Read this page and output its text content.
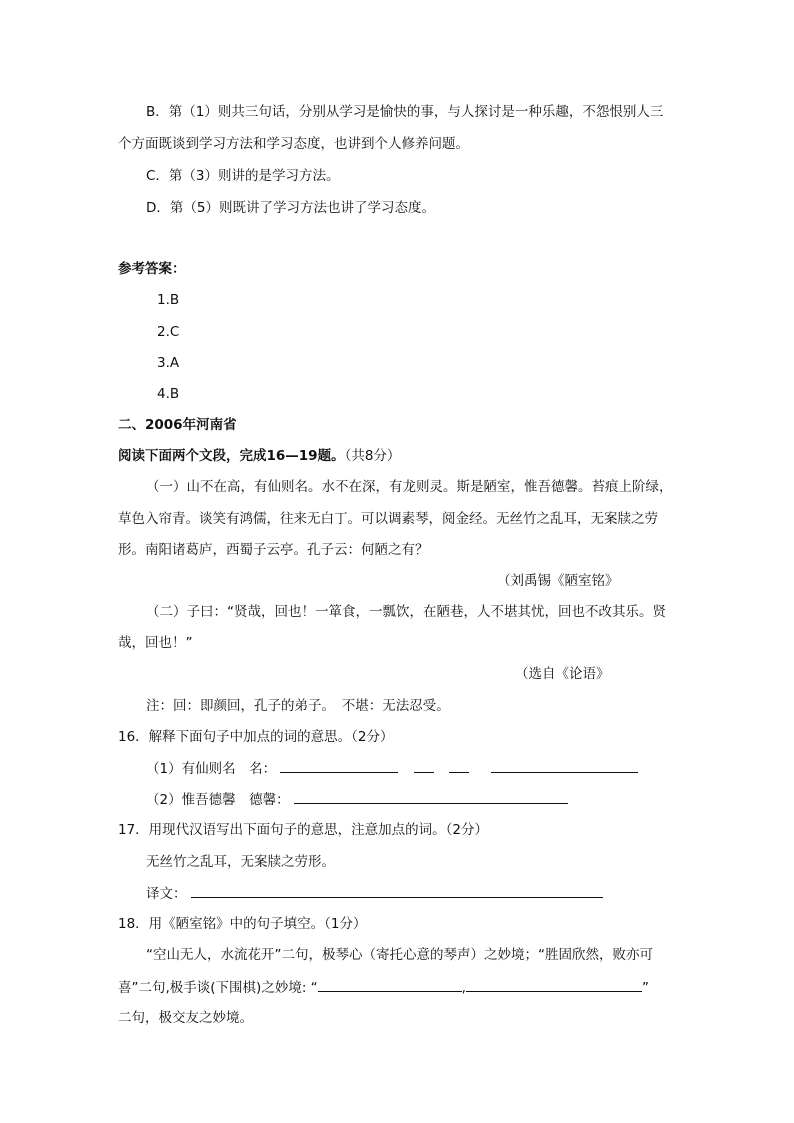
B．第（1）则共三句话，分别从学习是愉快的事，与人探讨是一种乐趣，不怨恨别人三
个方面既谈到学习方法和学习态度，也讲到个人修养问题。
C．第（3）则讲的是学习方法。
D．第（5）则既讲了学习方法也讲了学习态度。
参考答案：
1.B
2.C
3.A
4.B
二、2006年河南省
阅读下面两个文段，完成16—19题。（共8分）
（一）山不在高，有仙则名。水不在深，有龙则灵。斯是陋室，惟吾德馨。苔痕上阶绿，
草色入帘青。谈笑有鸿儒，往来无白丁。可以调素琴，阅金经。无丝竹之乱耳，无案牍之劳
形。南阳诸葛庐，西蜀子云亭。孔子云：何陋之有？
（刘禹锡《陋室铭》
（二）子曰：“贤哉，回也！一箪食，一瓢饮，在陋巷，人不堪其忧，回也不改其乐。贤
哉，回也！”
（选自《论语》
注：回：即颜回，孔子的弟子。　不堪：无法忍受。
16．解释下面句子中加点的词的意思。（2分）
（1）有仙则名　名：
（2）惟吾德馨　德馨：
17．用现代汉语写出下面句子的意思，注意加点的词。（2分）
无丝竹之乱耳，无案牍之劳形。
译文：
18．用《陋室铭》中的句子填空。（1分）
“空山无人，水流花开”二句，极琴心（寄托心意的琴声）之妙境；“胜固欣然，败亦可
喜”二句,极手谈(下围棋)之妙境: “	,	”
二句，极交友之妙境。
